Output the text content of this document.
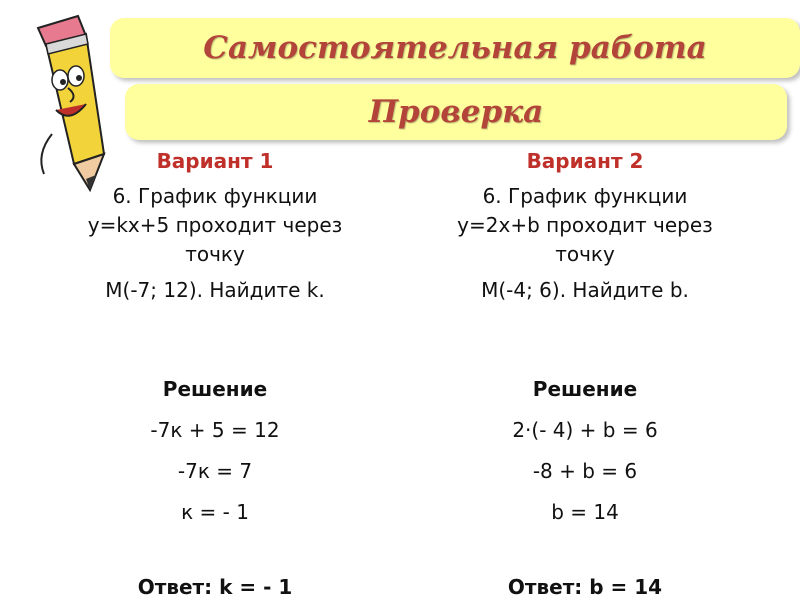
Самостоятельная работа
Проверка
Вариант 1
6. График функции
y=kx+5 проходит через
точку
М(-7; 12). Найдите k.
Вариант 2
6. График функции
y=2x+b проходит через
точку
М(-4; 6). Найдите b.
Решение
-7к + 5 = 12
-7к = 7
к = - 1
Решение
2·(- 4) + b = 6
-8 + b = 6
b = 14
Ответ: k = - 1	Ответ: b = 14
